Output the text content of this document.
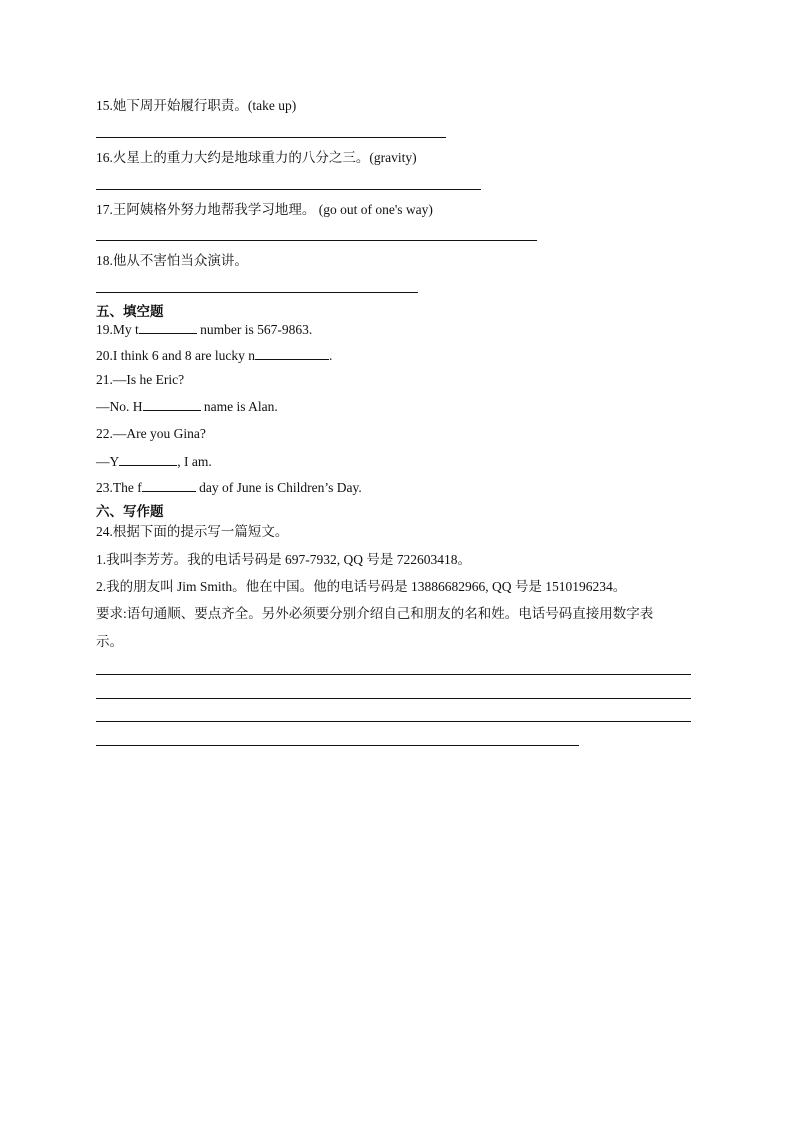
15.她下周开始履行职责。(take up)
16.火星上的重力大约是地球重力的八分之三。(gravity)
17.王阿姨格外努力地帮我学习地理。 (go out of one's way)
18.他从不害怕当众演讲。
五、填空题
19.My t	number is 567-9863.
20.I think 6 and 8 are lucky n	.
21.—Is he Eric?
—No. H	name is Alan.
22.—Are you Gina?
—Y	, I am.
23.The f	day of June is Children’s Day.
六、写作题
24.根据下面的提示写一篇短文。
1.我叫李芳芳。我的电话号码是 697-7932, QQ 号是 722603418。
2.我的朋友叫 Jim Smith。他在中国。他的电话号码是 13886682966, QQ 号是 1510196234。
要求:语句通顺、要点齐全。另外必须要分别介绍自己和朋友的名和姓。电话号码直接用数字表
示。
